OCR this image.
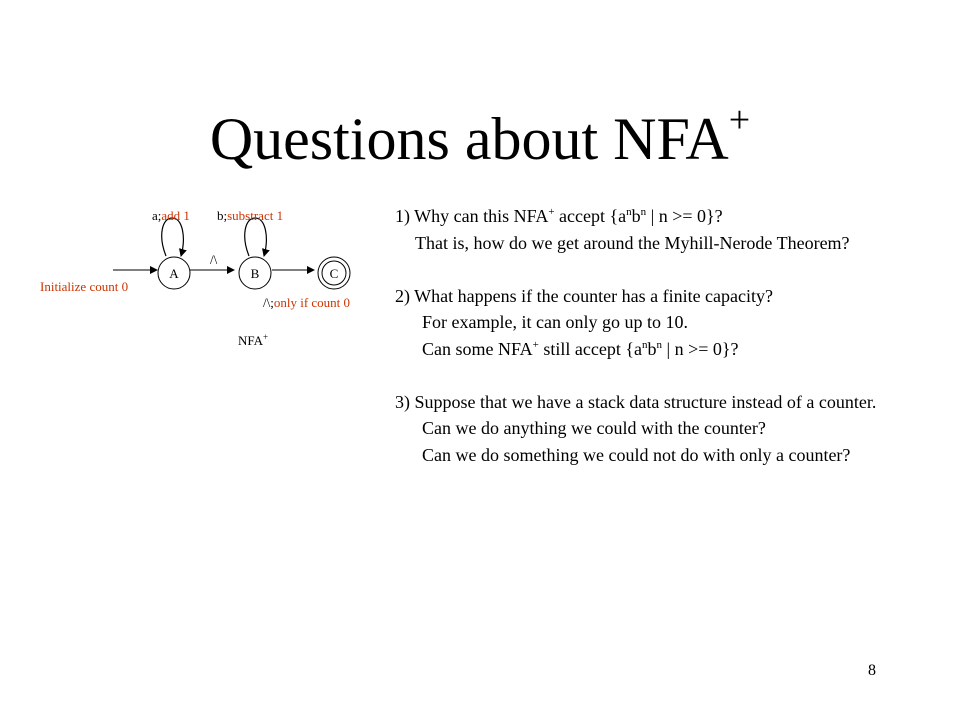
Questions about NFA+
A	B	C
a;add 1 b;substract 1
/\
/\;only if count 0
Initialize count 0
NFA+
1) Why can this NFA+ accept {$a^nb^n$ | n >= 0}?
That is, how do we get around the Myhill-Nerode Theorem?
2) What happens if the counter has a finite capacity?
For example, it can only go up to 10.
Can some NFA+ still accept {$a^nb^n$ | n >= 0}?
3) Suppose that we have a stack data structure instead of a counter.
Can we do anything we could with the counter?
Can we do something we could not do with only a counter?
8
